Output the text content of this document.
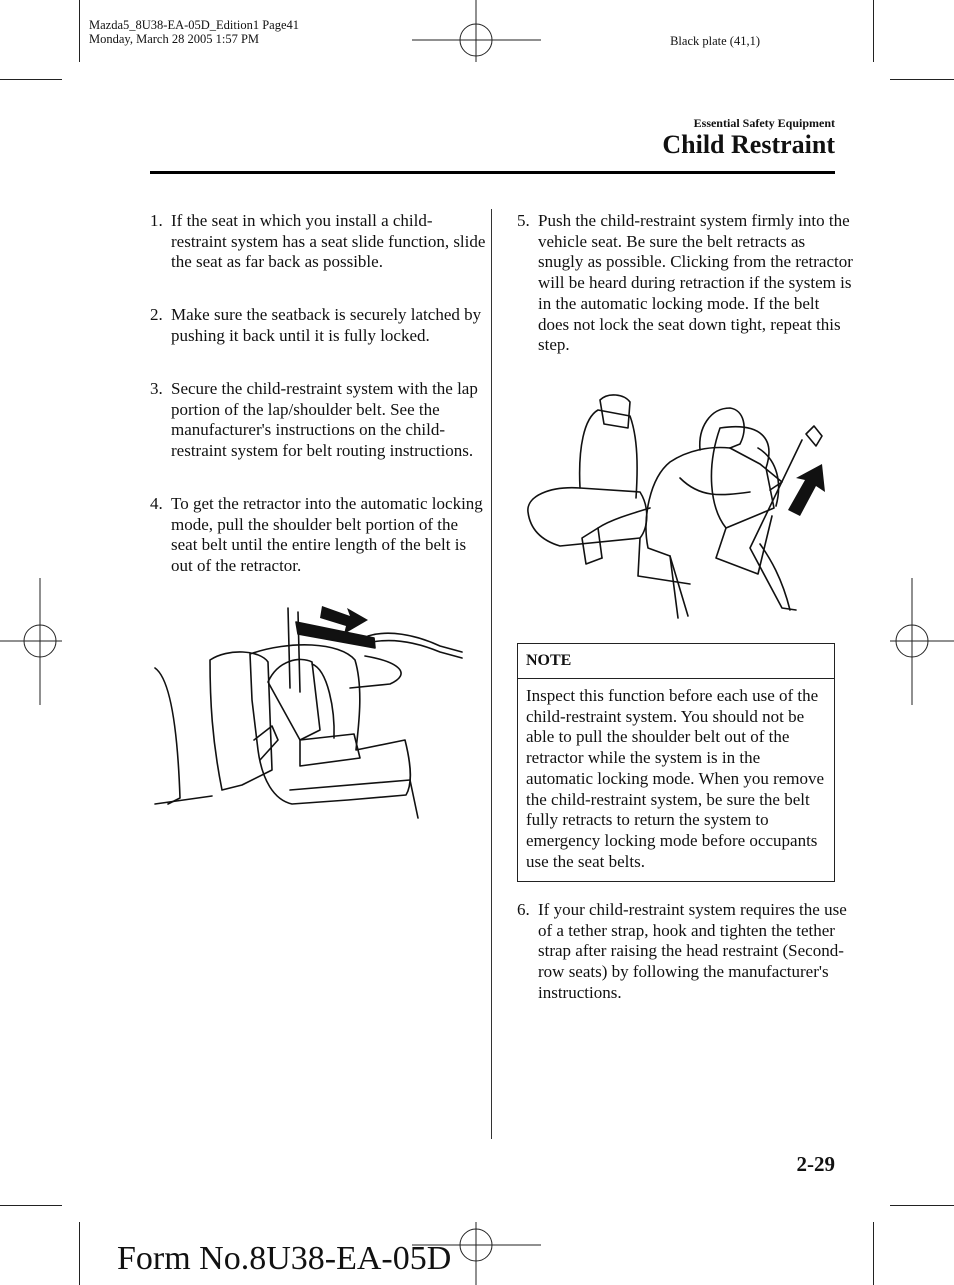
Mazda5_8U38-EA-05D_Edition1 Page41
Monday, March 28 2005 1:57 PM	Black plate (41,1)
Essential Safety Equipment
Child Restraint
1. If the seat in which you install a child-restraint system has a seat slide function, slide the seat as far back as possible.
2. Make sure the seatback is securely latched by pushing it back until it is fully locked.
3. Secure the child-restraint system with the lap portion of the lap/shoulder belt. See the manufacturer's instructions on the child-restraint system for belt routing instructions.
4. To get the retractor into the automatic locking mode, pull the shoulder belt portion of the seat belt until the entire length of the belt is out of the retractor.
5. Push the child-restraint system firmly into the vehicle seat. Be sure the belt retracts as snugly as possible. Clicking from the retractor will be heard during retraction if the system is in the automatic locking mode. If the belt does not lock the seat down tight, repeat this step.
NOTE
Inspect this function before each use of the child-restraint system. You should not be able to pull the shoulder belt out of the retractor while the system is in the automatic locking mode. When you remove the child-restraint system, be sure the belt fully retracts to return the system to emergency locking mode before occupants use the seat belts.
6. If your child-restraint system requires the use of a tether strap, hook and tighten the tether strap after raising the head restraint (Second-row seats) by following the manufacturer's instructions.
2-29
Form No.8U38-EA-05D
